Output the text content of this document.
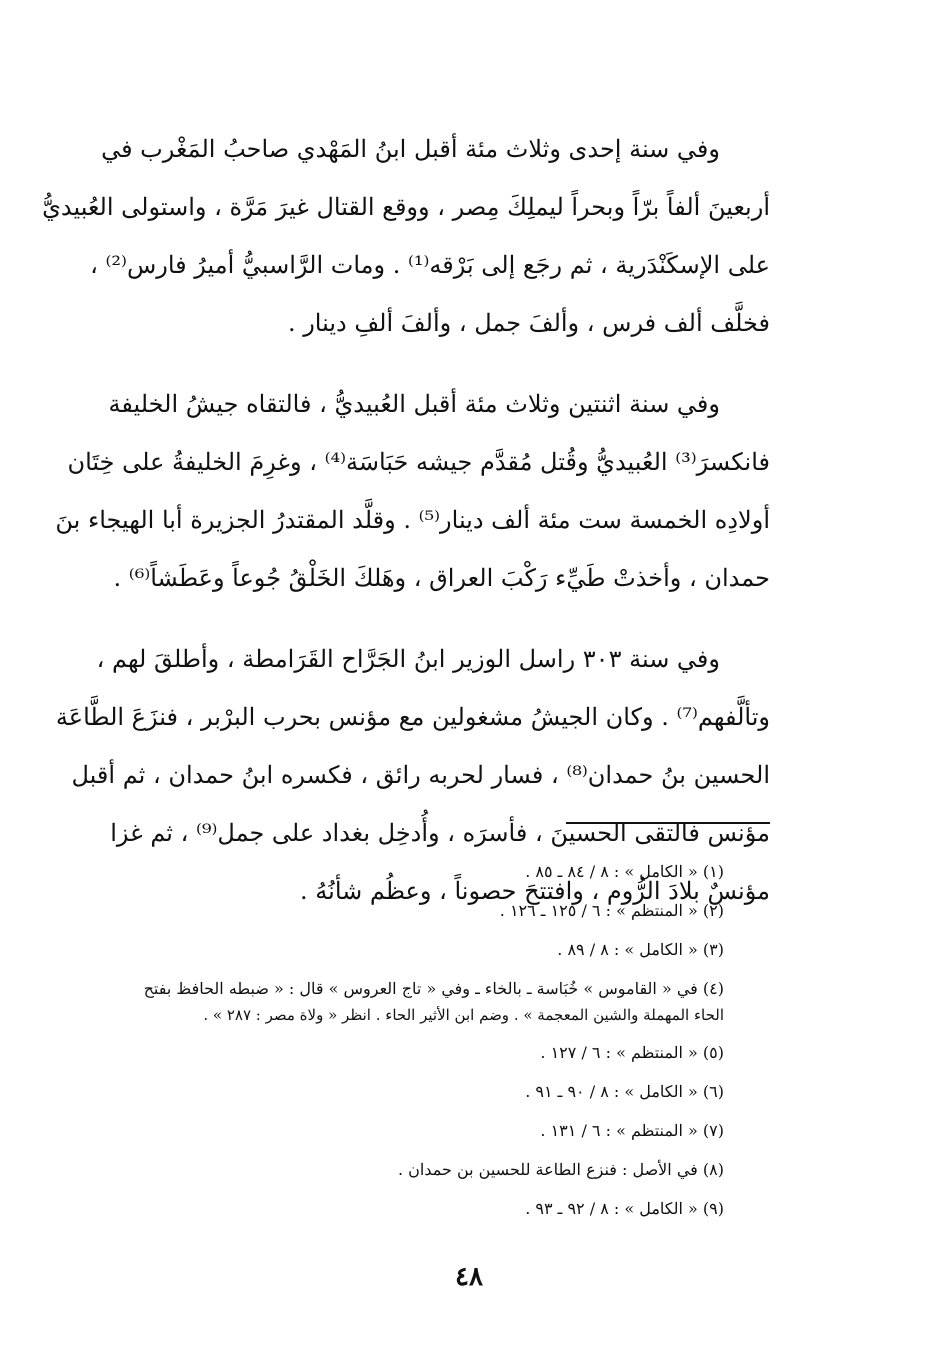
وفي سنة إحدى وثلاث مئة أقبل ابنُ المَهْدي صاحبُ المَغْرب في
أربعينَ ألفاً برّاً وبحراً ليملِكَ مِصر ، ووقع القتال غيرَ مَرَّة ، واستولى العُبيديُّ
على الإسكَنْدَرية ، ثم رجَع إلى بَرْقه⁽¹⁾ . ومات الرَّاسبيُّ أميرُ فارس⁽²⁾ ،
فخلَّف ألف فرس ، وألفَ جمل ، وألفَ ألفِ دينار .

وفي سنة اثنتين وثلاث مئة أقبل العُبيديُّ ، فالتقاه جيشُ الخليفة
فانكسرَ⁽³⁾ العُبيديُّ وقُتل مُقدَّم جيشه حَبَاسَة⁽⁴⁾ ، وغرِمَ الخليفةُ على خِتَان
أولادِه الخمسة ست مئة ألف دينار⁽⁵⁾ . وقلَّد المقتدرُ الجزيرة أبا الهيجاء بنَ
حمدان ، وأخذتْ طَيِّء رَكْبَ العراق ، وهَلكَ الخَلْقُ جُوعاً وعَطَشاً⁽⁶⁾ .

وفي سنة ٣٠٣ راسل الوزير ابنُ الجَرَّاح القَرَامطة ، وأطلقَ لهم ،
وتألَّفهم⁽⁷⁾ . وكان الجيشُ مشغولين مع مؤنس بحرب البرْبر ، فنزَعَ الطَّاعَة
الحسين بنُ حمدان⁽⁸⁾ ، فسار لحربه رائق ، فكسره ابنُ حمدان ، ثم أقبل
مؤنس فالتقى الحسينَ ، فأسرَه ، وأُدخِل بغداد على جمل⁽⁹⁾ ، ثم غزا
مؤنسٌ بلادَ الرُّوم ، وافتتحَ حصوناً ، وعظُم شأنُهُ .

(١) « الكامل » : ٨ / ٨٤ ـ ٨٥ .
(٢) « المنتظم » : ٦ / ١٢٥ ـ ١٢٦ .
(٣) « الكامل » : ٨ / ٨٩ .
(٤) في « القاموس » خُبَاسة ـ بالخاء ـ وفي « تاج العروس » قال : « ضبطه الحافظ بفتح
الحاء المهملة والشين المعجمة » . وضم ابن الأثير الحاء . انظر « ولاة مصر : ٢٨٧ » .
(٥) « المنتظم » : ٦ / ١٢٧ .
(٦) « الكامل » : ٨ / ٩٠ ـ ٩١ .
(٧) « المنتظم » : ٦ / ١٣١ .
(٨) في الأصل : فنزع الطاعة للحسين بن حمدان .
(٩) « الكامل » : ٨ / ٩٢ ـ ٩٣ .
٤٨
